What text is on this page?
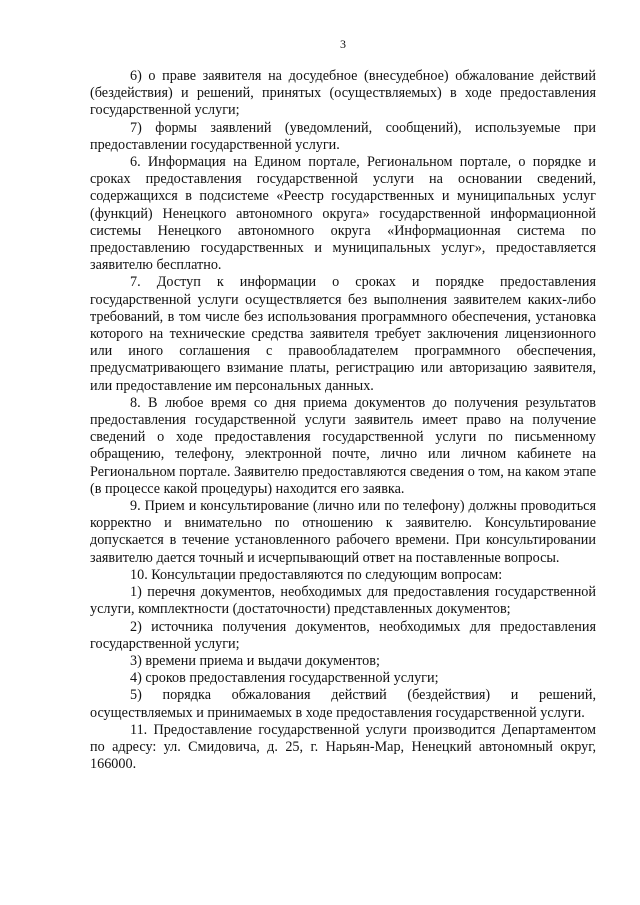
3

6) о праве заявителя на досудебное (внесудебное) обжалование действий (бездействия) и решений, принятых (осуществляемых) в ходе предоставления государственной услуги;

7) формы заявлений (уведомлений, сообщений), используемые при предоставлении государственной услуги.

6. Информация на Едином портале, Региональном портале, о порядке и сроках предоставления государственной услуги на основании сведений, содержащихся в подсистеме «Реестр государственных и муниципальных услуг (функций) Ненецкого автономного округа» государственной информационной системы Ненецкого автономного округа «Информационная система по предоставлению государственных и муниципальных услуг», предоставляется заявителю бесплатно.

7. Доступ к информации о сроках и порядке предоставления государственной услуги осуществляется без выполнения заявителем каких-либо требований, в том числе без использования программного обеспечения, установка которого на технические средства заявителя требует заключения лицензионного или иного соглашения с правообладателем программного обеспечения, предусматривающего взимание платы, регистрацию или авторизацию заявителя, или предоставление им персональных данных.

8. В любое время со дня приема документов до получения результатов предоставления государственной услуги заявитель имеет право на получение сведений о ходе предоставления государственной услуги по письменному обращению, телефону, электронной почте, лично или личном кабинете на Региональном портале. Заявителю предоставляются сведения о том, на каком этапе (в процессе какой процедуры) находится его заявка.

9. Прием и консультирование (лично или по телефону) должны проводиться корректно и внимательно по отношению к заявителю. Консультирование допускается в течение установленного рабочего времени. При консультировании заявителю дается точный и исчерпывающий ответ на поставленные вопросы.

10. Консультации предоставляются по следующим вопросам:

1) перечня документов, необходимых для предоставления государственной услуги, комплектности (достаточности) представленных документов;

2) источника получения документов, необходимых для предоставления государственной услуги;

3) времени приема и выдачи документов;

4) сроков предоставления государственной услуги;

5) порядка обжалования действий (бездействия) и решений, осуществляемых и принимаемых в ходе предоставления государственной услуги.

11. Предоставление государственной услуги производится Департаментом по адресу: ул. Смидовича, д. 25, г. Нарьян-Мар, Ненецкий автономный округ, 166000.
